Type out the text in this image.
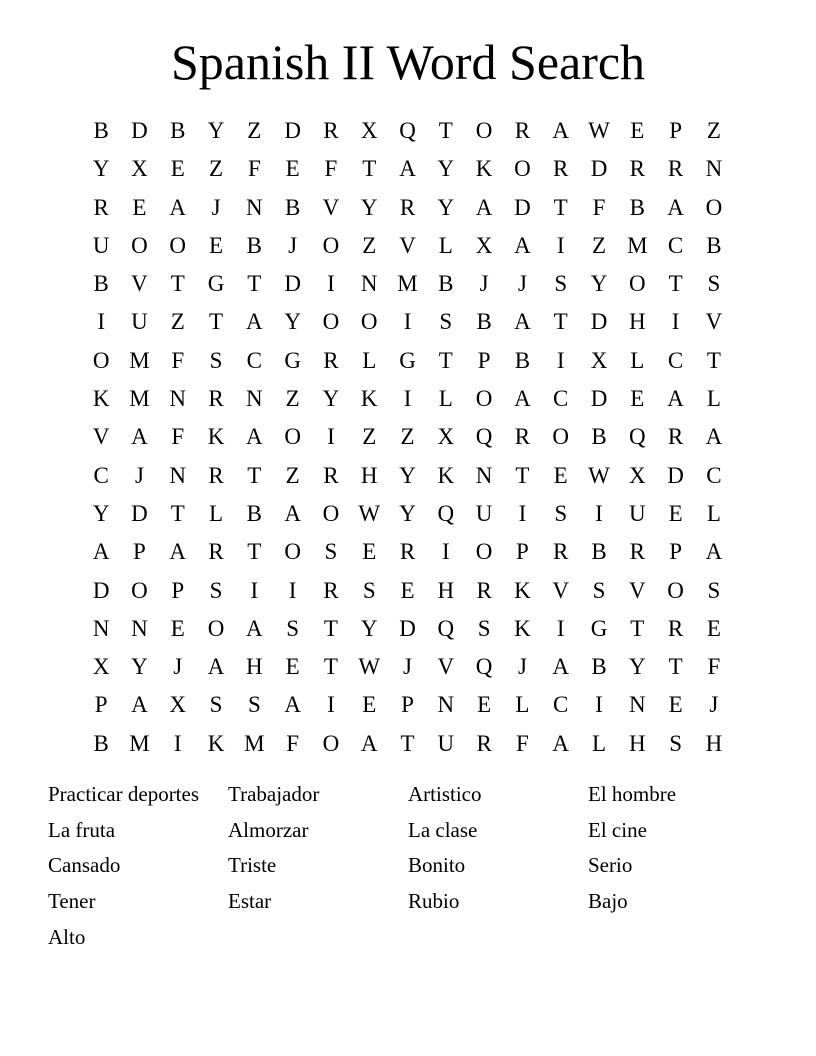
Spanish II Word Search
B D B Y Z D R X Q T O R A W E	P	Z
Y X E	Z	F	E	F	T A Y K O R D R R N
R	E A	J	N B V Y R Y A D T	F	B A O
U O O E	B	J	O Z V L X A	I	Z M C B
B V T G T D	I	N M B	J	J	S	Y O T	S
I	U Z	T A Y O O	I	S	B A T D H	I	V
O M F	S	C G R	L G T	P	B	I	X L	C	T
K M N R N Z Y K	I	L O A C D E A L
V A	F	K A O	I	Z	Z X Q R O B Q R A
C	J	N R	T	Z	R H Y K N T	E W X D C
Y D T	L	B A O W Y Q U	I	S	I	U E	L
A	P	A R	T O	S	E	R	I	O	P	R B R	P	A
D O	P	S	I	I	R	S	E H R K V	S	V O	S
N N E O A	S	T Y D Q	S	K	I	G T	R	E
X Y	J	A H E	T W J	V Q	J	A B Y T	F
P	A X	S	S	A	I	E	P	N E	L	C	I	N E	J
B M	I	K M F	O A T U R	F	A L H	S	H
Practicar deportes	Trabajador	Artistico	El hombre
La fruta	Almorzar	La clase	El cine
Cansado	Triste	Bonito	Serio
Tener	Estar	Rubio	Bajo
Alto
